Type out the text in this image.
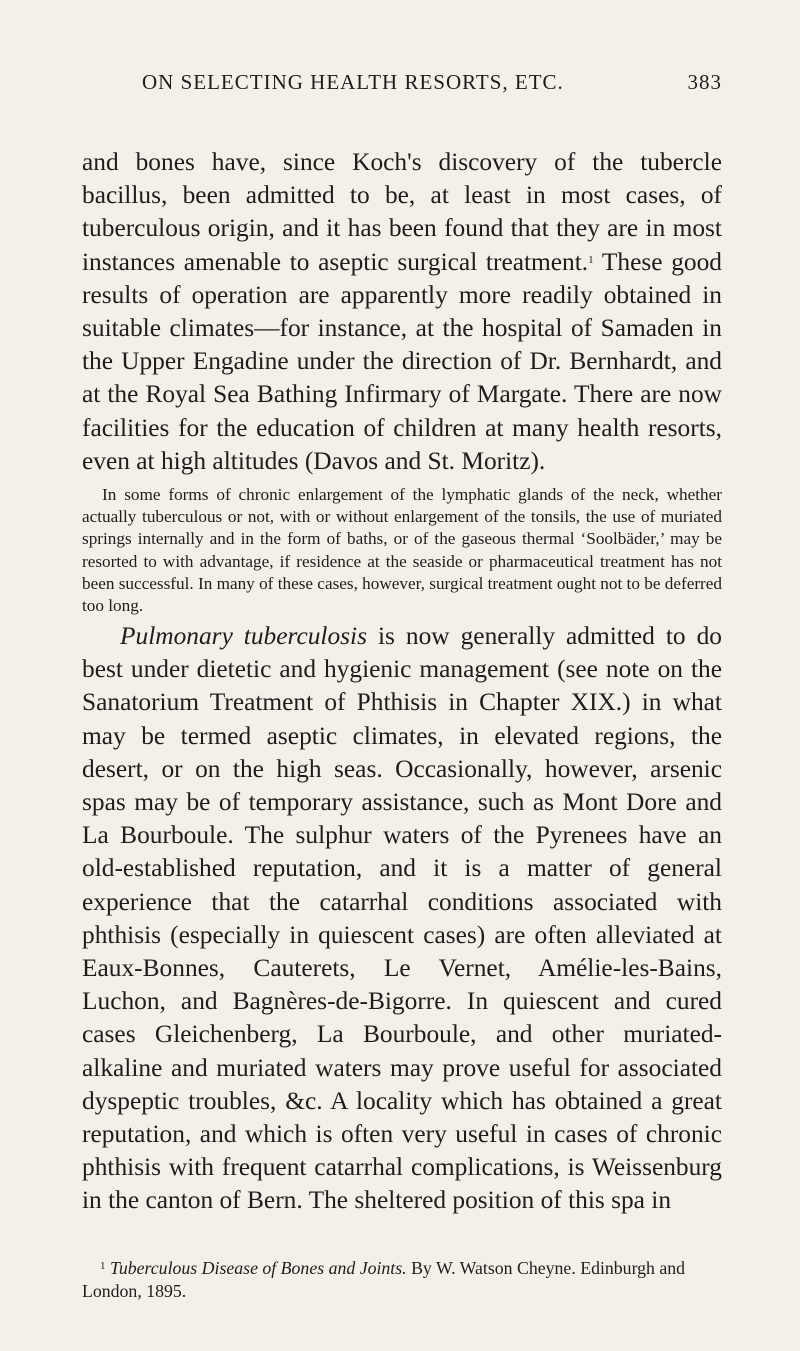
ON SELECTING HEALTH RESORTS, ETC.	383

and bones have, since Koch's discovery of the tubercle bacillus, been admitted to be, at least in most cases, of tuberculous origin, and it has been found that they are in most instances amenable to aseptic surgical treatment.$^1$ These good results of operation are apparently more readily obtained in suitable climates—for instance, at the hospital of Samaden in the Upper Engadine under the direction of Dr. Bernhardt, and at the Royal Sea Bathing Infirmary of Margate. There are now facilities for the education of children at many health resorts, even at high altitudes (Davos and St. Moritz).

In some forms of chronic enlargement of the lymphatic glands of the neck, whether actually tuberculous or not, with or without enlargement of the tonsils, the use of muriated springs internally and in the form of baths, or of the gaseous thermal ‘Soolbäder,’ may be resorted to with advantage, if residence at the seaside or pharmaceutical treatment has not been successful. In many of these cases, however, surgical treatment ought not to be deferred too long.

Pulmonary tuberculosis is now generally admitted to do best under dietetic and hygienic management (see note on the Sanatorium Treatment of Phthisis in Chapter XIX.) in what may be termed aseptic climates, in elevated regions, the desert, or on the high seas. Occasionally, however, arsenic spas may be of temporary assistance, such as Mont Dore and La Bourboule. The sulphur waters of the Pyrenees have an old-established reputation, and it is a matter of general experience that the catarrhal conditions associated with phthisis (especially in quiescent cases) are often alleviated at Eaux-Bonnes, Cauterets, Le Vernet, Amélie-les-Bains, Luchon, and Bagnères-de-Bigorre. In quiescent and cured cases Gleichenberg, La Bourboule, and other muriated-alkaline and muriated waters may prove useful for associated dyspeptic troubles, &c. A locality which has obtained a great reputation, and which is often very useful in cases of chronic phthisis with frequent catarrhal complications, is Weissenburg in the canton of Bern. The sheltered position of this spa in

$^1$ Tuberculous Disease of Bones and Joints. By W. Watson Cheyne. Edinburgh and London, 1895.
